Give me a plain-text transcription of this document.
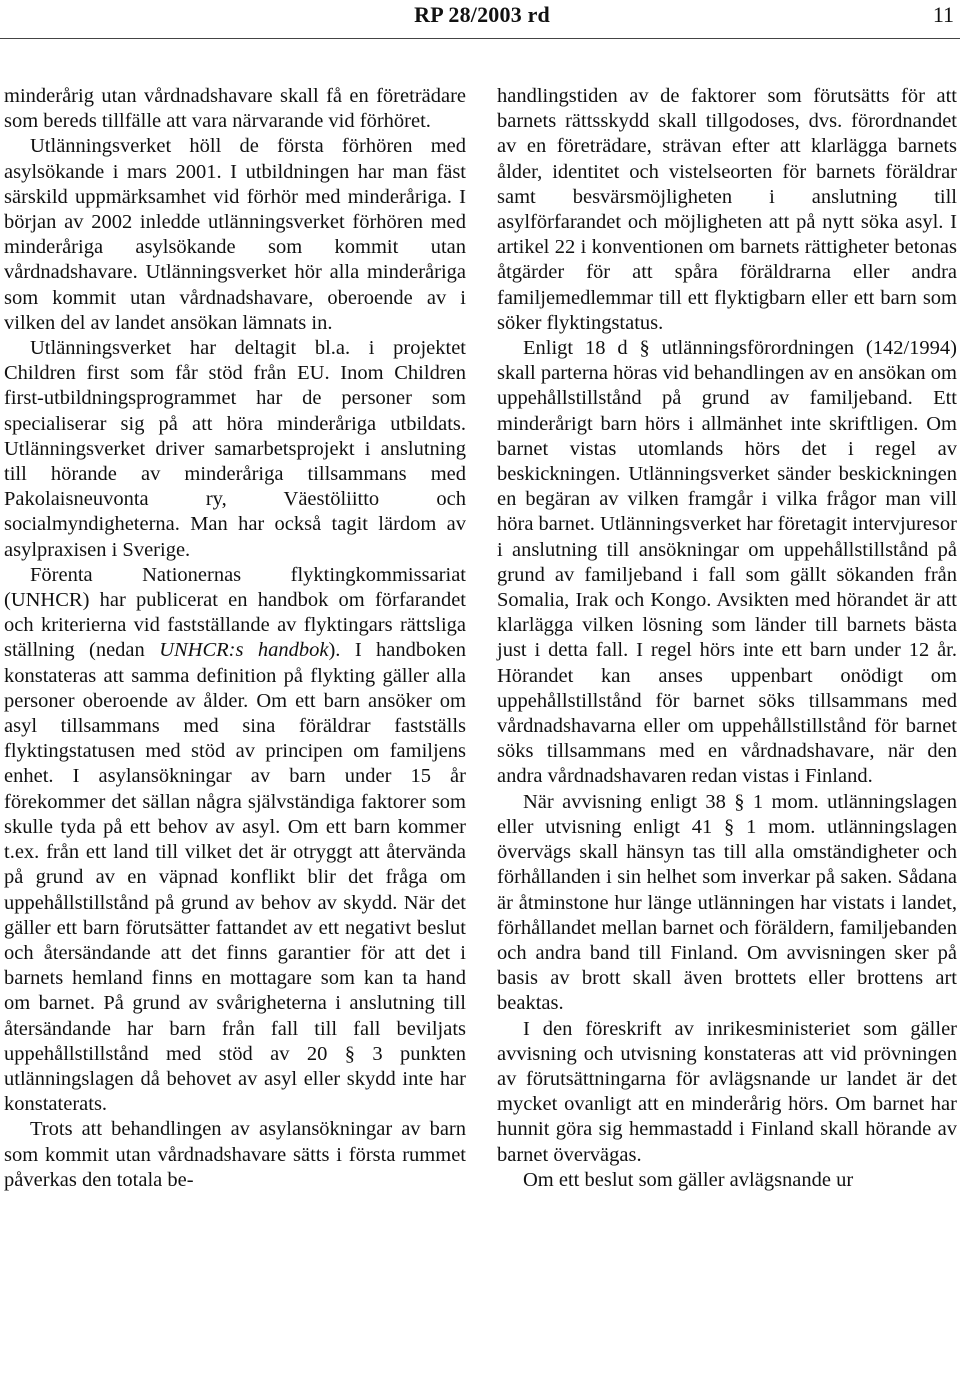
RP 28/2003 rd	11

minderårig utan vårdnadshavare skall få en företrädare som bereds tillfälle att vara närvarande vid förhöret.

Utlänningsverket höll de första förhören med asylsökande i mars 2001. I utbildningen har man fäst särskild uppmärksamhet vid förhör med minderåriga. I början av 2002 inledde utlänningsverket förhören med minderåriga asylsökande som kommit utan vårdnadshavare. Utlänningsverket hör alla minderåriga som kommit utan vårdnadshavare, oberoende av i vilken del av landet ansökan lämnats in.

Utlänningsverket har deltagit bl.a. i projektet Children first som får stöd från EU. Inom Children first-utbildningsprogrammet har de personer som specialiserar sig på att höra minderåriga utbildats. Utlänningsverket driver samarbetsprojekt i anslutning till hörande av minderåriga tillsammans med Pakolaisneuvonta ry, Väestöliitto och socialmyndigheterna. Man har också tagit lärdom av asylpraxisen i Sverige.

Förenta Nationernas flyktingkommissariat (UNHCR) har publicerat en handbok om förfarandet och kriterierna vid fastställande av flyktingars rättsliga ställning (nedan UNHCR:s handbok). I handboken konstateras att samma definition på flykting gäller alla personer oberoende av ålder. Om ett barn ansöker om asyl tillsammans med sina föräldrar fastställs flyktingstatusen med stöd av principen om familjens enhet. I asylansökningar av barn under 15 år förekommer det sällan några självständiga faktorer som skulle tyda på ett behov av asyl. Om ett barn kommer t.ex. från ett land till vilket det är otryggt att återvända på grund av en väpnad konflikt blir det fråga om uppehållstillstånd på grund av behov av skydd. När det gäller ett barn förutsätter fattandet av ett negativt beslut och återsändande att det finns garantier för att det i barnets hemland finns en mottagare som kan ta hand om barnet. På grund av svårigheterna i anslutning till återsändande har barn från fall till fall beviljats uppehållstillstånd med stöd av 20 § 3 punkten utlänningslagen då behovet av asyl eller skydd inte har konstaterats.

Trots att behandlingen av asylansökningar av barn som kommit utan vårdnadshavare sätts i första rummet påverkas den totala be-

handlingstiden av de faktorer som förutsätts för att barnets rättsskydd skall tillgodoses, dvs. förordnandet av en företrädare, strävan efter att klarlägga barnets ålder, identitet och vistelseorten för barnets föräldrar samt besvärsmöjligheten i anslutning till asylförfarandet och möjligheten att på nytt söka asyl. I artikel 22 i konventionen om barnets rättigheter betonas åtgärder för att spåra föräldrarna eller andra familjemedlemmar till ett flyktigbarn eller ett barn som söker flyktingstatus.

Enligt 18 d § utlänningsförordningen (142/1994) skall parterna höras vid behandlingen av en ansökan om uppehållstillstånd på grund av familjeband. Ett minderårigt barn hörs i allmänhet inte skriftligen. Om barnet vistas utomlands hörs det i regel av beskickningen. Utlänningsverket sänder beskickningen en begäran av vilken framgår i vilka frågor man vill höra barnet. Utlänningsverket har företagit intervjuresor i anslutning till ansökningar om uppehållstillstånd på grund av familjeband i fall som gällt sökanden från Somalia, Irak och Kongo. Avsikten med hörandet är att klarlägga vilken lösning som länder till barnets bästa just i detta fall. I regel hörs inte ett barn under 12 år. Hörandet kan anses uppenbart onödigt om uppehållstillstånd för barnet söks tillsammans med vårdnadshavarna eller om uppehållstillstånd för barnet söks tillsammans med en vårdnadshavare, när den andra vårdnadshavaren redan vistas i Finland.

När avvisning enligt 38 § 1 mom. utlänningslagen eller utvisning enligt 41 § 1 mom. utlänningslagen övervägs skall hänsyn tas till alla omständigheter och förhållanden i sin helhet som inverkar på saken. Sådana är åtminstone hur länge utlänningen har vistats i landet, förhållandet mellan barnet och föräldern, familjebanden och andra band till Finland. Om avvisningen sker på basis av brott skall även brottets eller brottens art beaktas.

I den föreskrift av inrikesministeriet som gäller avvisning och utvisning konstateras att vid prövningen av förutsättningarna för avlägsnande ur landet är det mycket ovanligt att en minderårig hörs. Om barnet har hunnit göra sig hemmastadd i Finland skall hörande av barnet övervägas.

Om ett beslut som gäller avlägsnande ur
